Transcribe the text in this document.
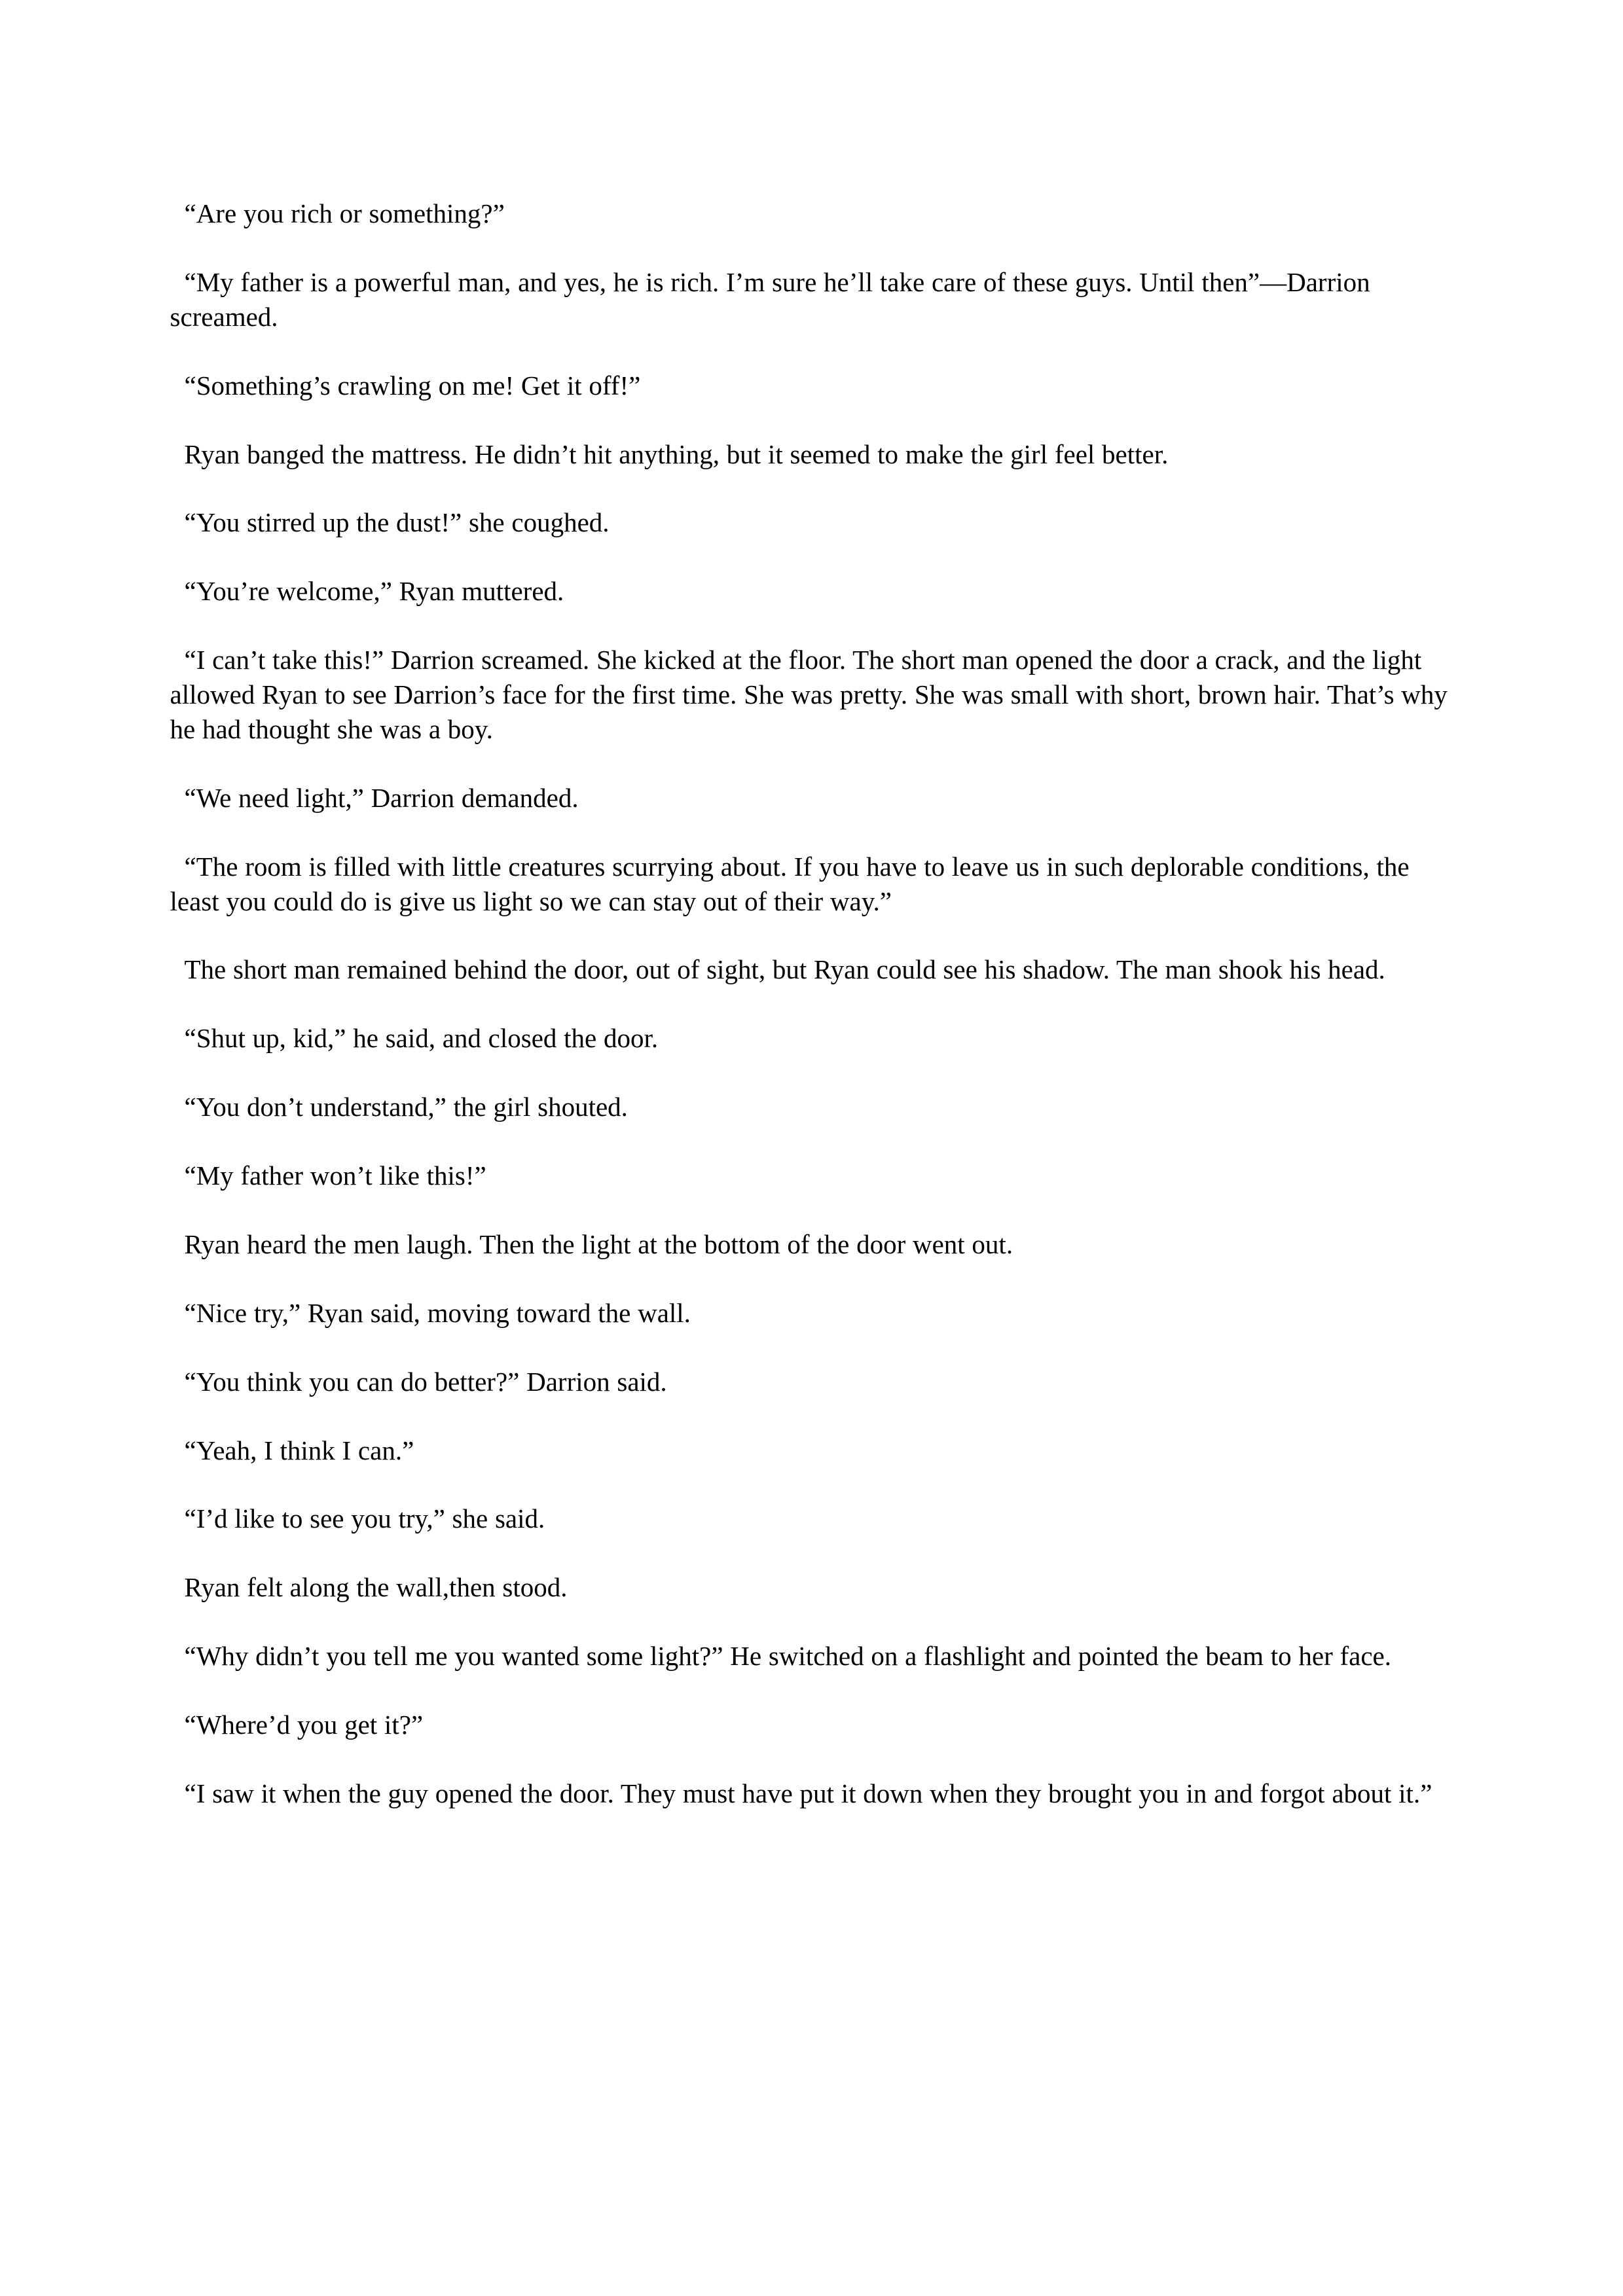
“Are you rich or something?”

“My father is a powerful man, and yes, he is rich. I’m sure he’ll take care of these guys. Until then”—Darrion screamed.

“Something’s crawling on me! Get it off!”

Ryan banged the mattress. He didn’t hit anything, but it seemed to make the girl feel better.

“You stirred up the dust!” she coughed.

“You’re welcome,” Ryan muttered.

“I can’t take this!” Darrion screamed. She kicked at the floor. The short man opened the door a crack, and the light allowed Ryan to see Darrion’s face for the first time. She was pretty. She was small with short, brown hair. That’s why he had thought she was a boy.

“We need light,” Darrion demanded.

“The room is filled with little creatures scurrying about. If you have to leave us in such deplorable conditions, the least you could do is give us light so we can stay out of their way.”

The short man remained behind the door, out of sight, but Ryan could see his shadow. The man shook his head.

“Shut up, kid,” he said, and closed the door.

“You don’t understand,” the girl shouted.

“My father won’t like this!”

Ryan heard the men laugh. Then the light at the bottom of the door went out.

“Nice try,” Ryan said, moving toward the wall.

“You think you can do better?” Darrion said.

“Yeah, I think I can.”

“I’d like to see you try,” she said.

Ryan felt along the wall,then stood.

“Why didn’t you tell me you wanted some light?” He switched on a flashlight and pointed the beam to her face.

“Where’d you get it?”

“I saw it when the guy opened the door. They must have put it down when they brought you in and forgot about it.”
